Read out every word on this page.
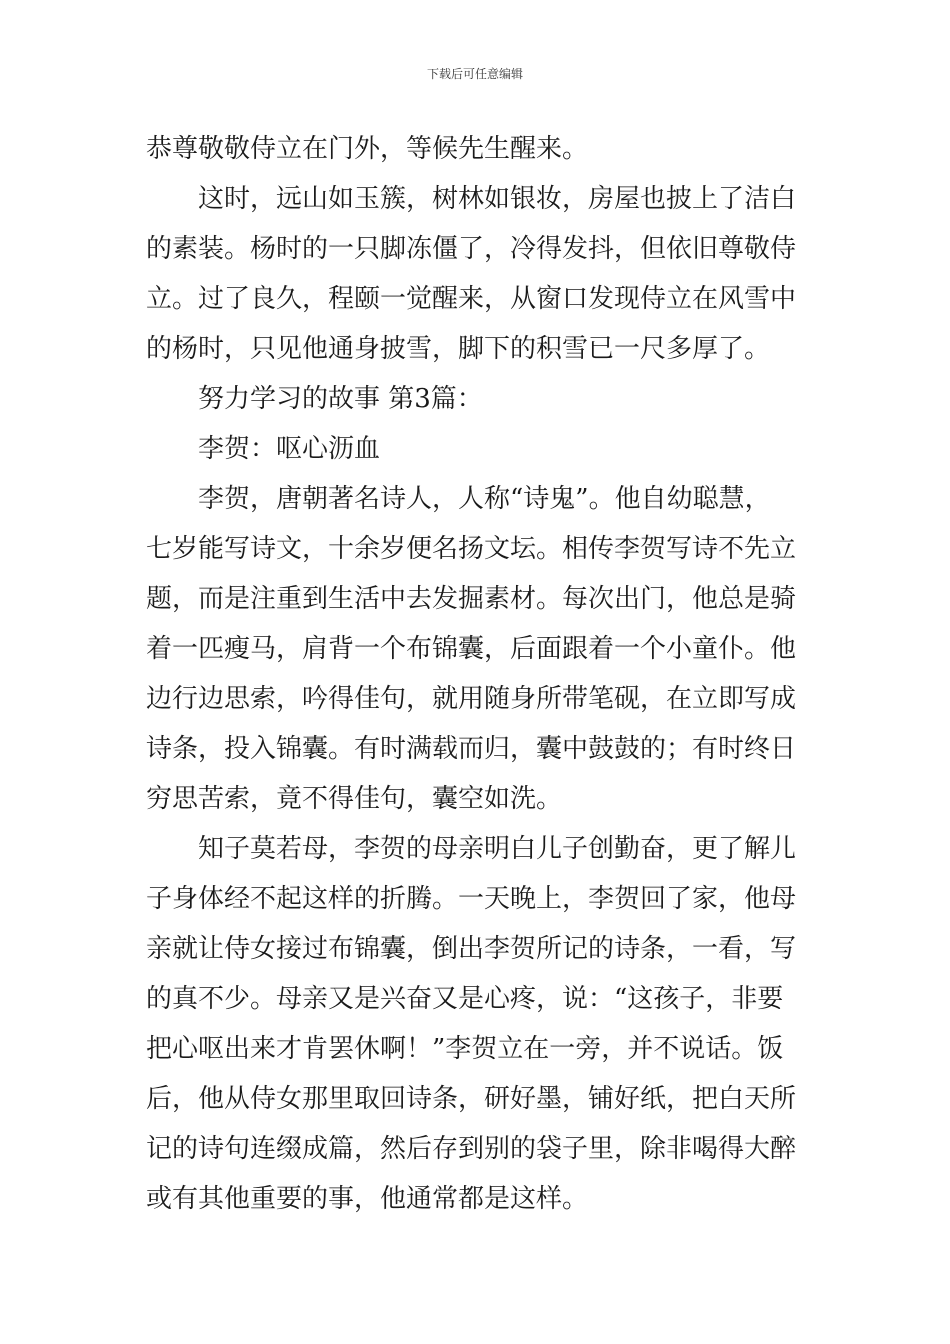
下载后可任意编辑
恭尊敬敬侍立在门外，等候先生醒来。
这时，远山如玉簇，树林如银妆，房屋也披上了洁白
的素装。杨时的一只脚冻僵了，冷得发抖，但依旧尊敬侍
立。过了良久，程颐一觉醒来，从窗口发现侍立在风雪中
的杨时，只见他通身披雪，脚下的积雪已一尺多厚了。
努力学习的故事 第3篇：
李贺：呕心沥血
李贺，唐朝著名诗人，人称“诗鬼”。他自幼聪慧，
七岁能写诗文，十余岁便名扬文坛。相传李贺写诗不先立
题，而是注重到生活中去发掘素材。每次出门，他总是骑
着一匹瘦马，肩背一个布锦囊，后面跟着一个小童仆。他
边行边思索，吟得佳句，就用随身所带笔砚，在立即写成
诗条，投入锦囊。有时满载而归，囊中鼓鼓的；有时终日
穷思苦索，竟不得佳句，囊空如洗。
知子莫若母，李贺的母亲明白儿子创勤奋，更了解儿
子身体经不起这样的折腾。一天晚上，李贺回了家，他母
亲就让侍女接过布锦囊，倒出李贺所记的诗条，一看，写
的真不少。母亲又是兴奋又是心疼，说：“这孩子，非要
把心呕出来才肯罢休啊！”李贺立在一旁，并不说话。饭
后，他从侍女那里取回诗条，研好墨，铺好纸，把白天所
记的诗句连缀成篇，然后存到别的袋子里，除非喝得大醉
或有其他重要的事，他通常都是这样。
